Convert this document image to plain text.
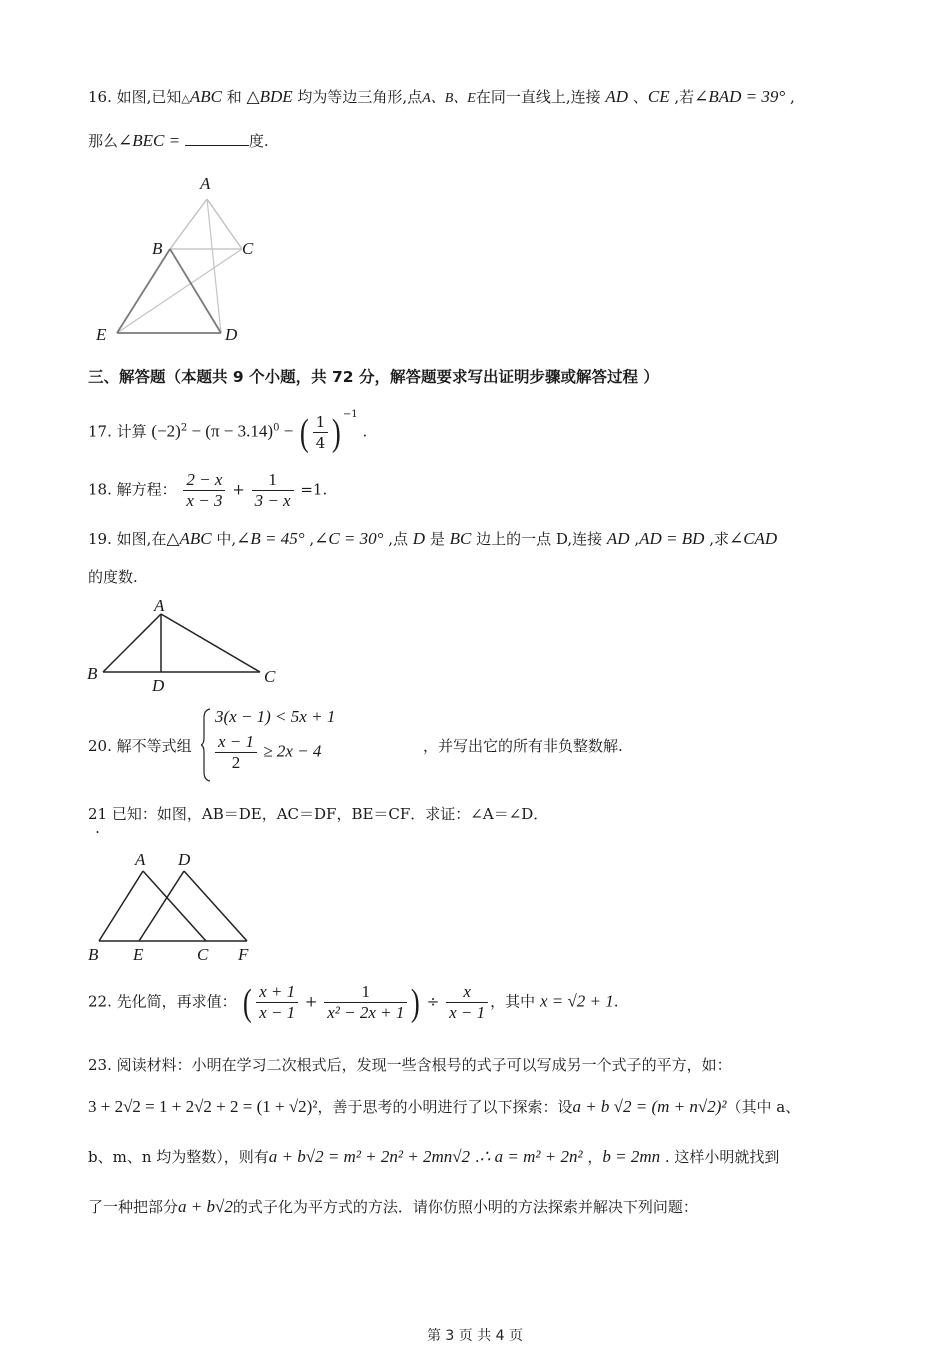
16. 如图,已知△ABC 和 △BDE 均为等边三角形,点A、B、E在同一直线上,连接 AD 、CE ,若∠BAD = 39° ,
那么∠BEC =	度.
A
B	C
E	D
三、解答题（本题共 9 个小题，共 72 分，解答题要求写出证明步骤或解答过程 ）
17. 计算 $(-2)^2 - (\pi - 3.14)^0$ − ( $\frac{1}{4}$ ) $^{-1}$ .
18. 解方程： $\frac{2 - x}{x - 3} + \frac{1}{3 - x} =1$.
19. 如图,在△ABC 中,∠B = 45° ,∠C = 30° ,点 D 是 BC 边上的一点 D,连接 AD ,AD = BD ,求∠CAD
的度数.
A
B
D	C
20. 解不等式组
3(x − 1) < 5x + 1
$\frac{x - 1}{2} \ge 2x - 4$	，并写出它的所有非负整数解.
21.已知：如图，AB＝DE，AC＝DF，BE＝CF．求证：∠A＝∠D．
A D
B E	C F
22. 先化简，再求值： ( $\frac{x + 1}{x - 1} + \frac{1}{\text{x² − 2x + 1}}$ ) ÷ $\frac{x}{x - 1}$ ，其中 x = √2 + 1.
23. 阅读材料：小明在学习二次根式后，发现一些含根号的式子可以写成另一个式子的平方，如：
3 + 2√2 = 1 + 2√2 + 2 = (1 + √2)²，善于思考的小明进行了以下探索：设a + b √2 = (m + n√2)²（其中 a、
b、m、n 均为整数），则有a + b√2 = m² + 2n² + 2mn√2 .∴ a = m² + 2n² ，b = 2mn . 这样小明就找到
了一种把部分a + b√2的式子化为平方式的方法．请你仿照小明的方法探索并解决下列问题：
第 3 页 共 4 页
